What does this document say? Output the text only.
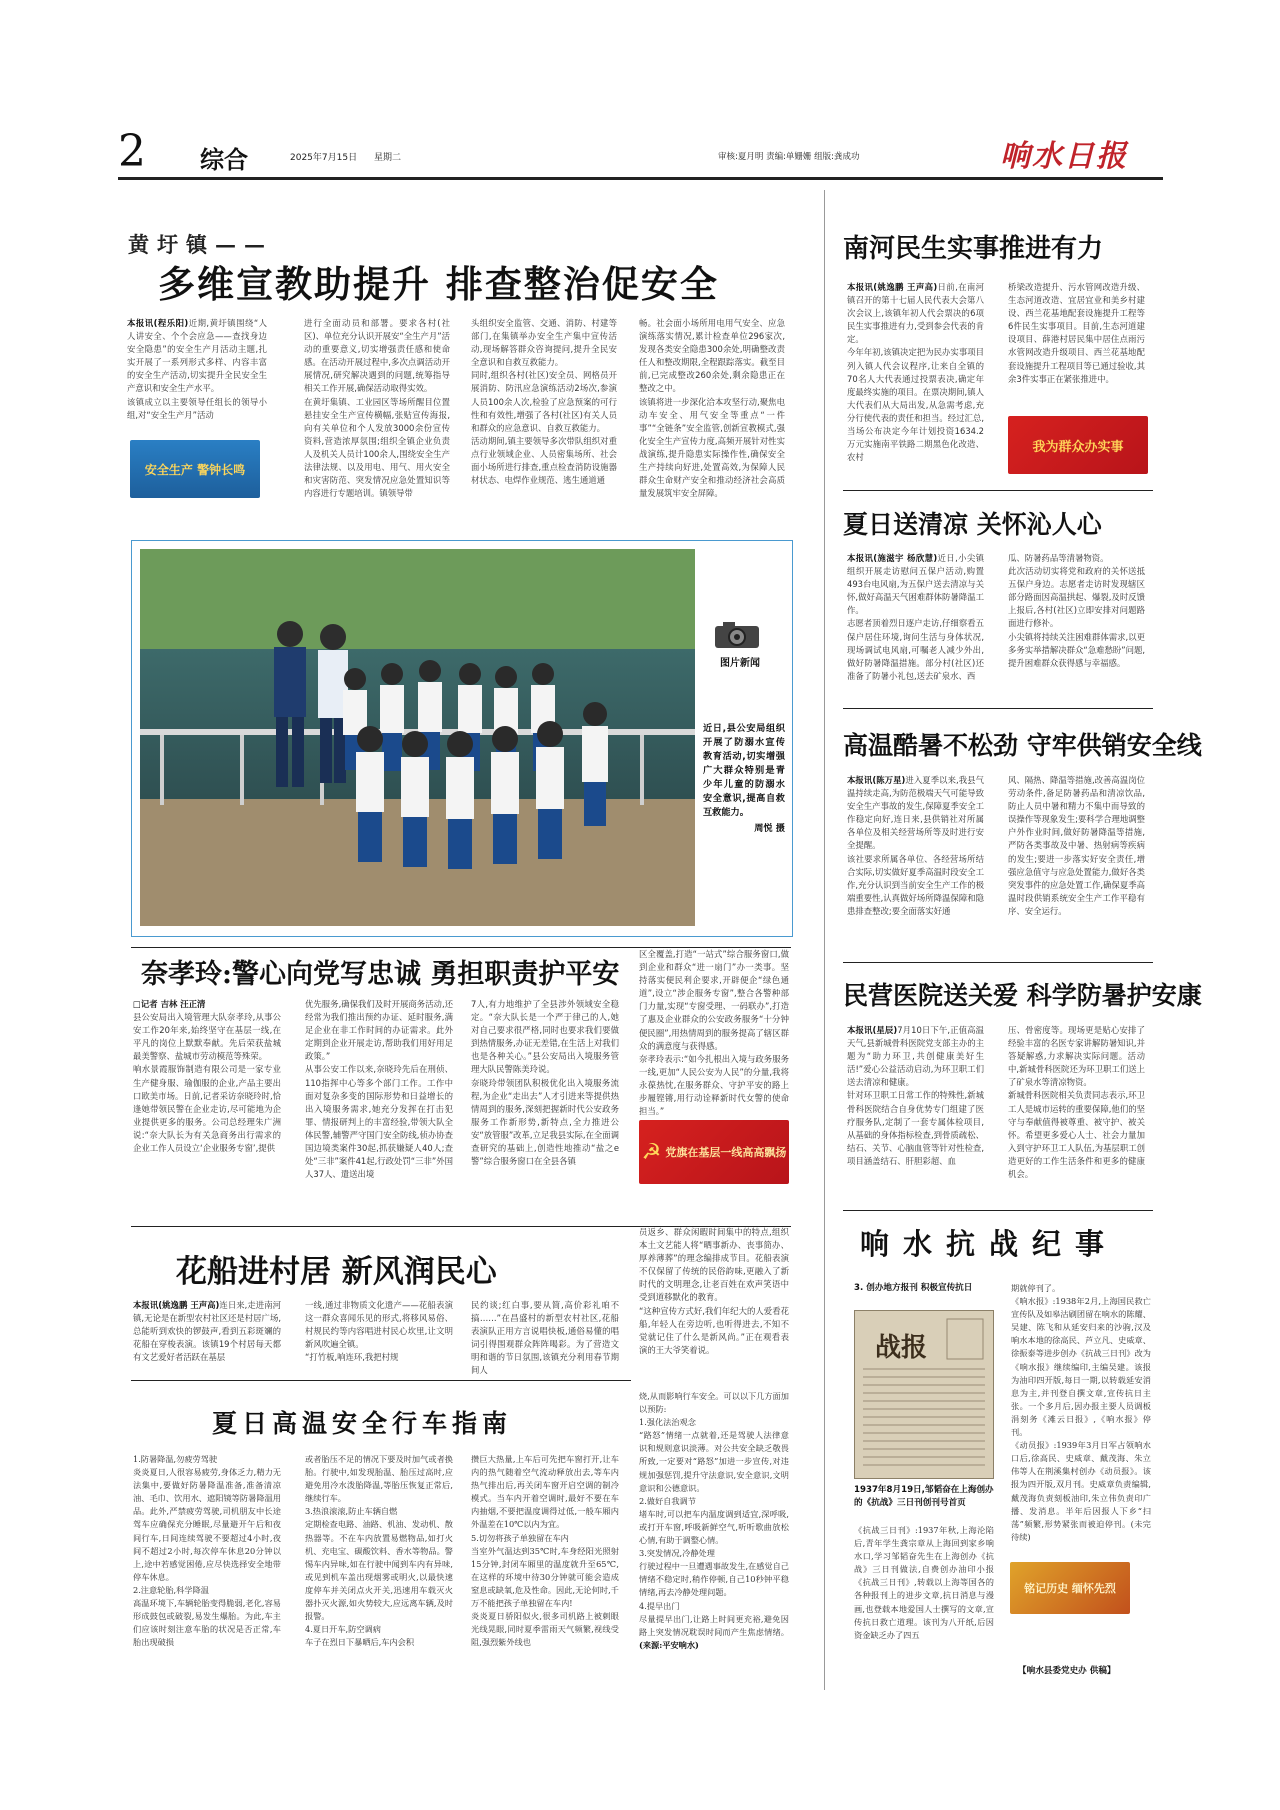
2 综合	2025年7月15日 星期二	审核:夏月明 责编:单姗姗 组版:龚成功	响水日报
黄圩镇——
多维宣教助提升 排查整治促安全
本报讯(程乐阳)近期,黄圩镇围绕“人人讲安全、个个会应急——查找身边安全隐患”的安全生产月活动主题,扎实开展了一系列形式多样、内容丰富的安全生产活动,切实提升全民安全生产意识和安全生产水平。
该镇成立以主要领导任组长的领导小组,对“安全生产月”活动
安全生产 警钟长鸣
进行全面动员和部署。要求各村(社区)、单位充分认识开展安“全生产月”活动的重要意义,切实增强责任感和使命感。在活动开展过程中,多次点调活动开展情况,研究解决遇到的问题,统筹指导相关工作开展,确保活动取得实效。
在黄圩集镇、工业园区等场所醒目位置悬挂安全生产宣传横幅,张贴宣传海报,向有关单位和个人发放3000余份宣传资料,营造浓厚氛围;组织全镇企业负责人及机关人员计100余人,围绕安全生产法律法规、以及用电、用气、用火安全和灾害防范、突发情况应急处置知识等内容进行专题培训。镇领导带
头组织安全监管、交通、消防、村建等部门,在集镇举办安全生产集中宣传活动,现场解答群众咨询提问,提升全民安全意识和自救互救能力。
同时,组织各村(社区)安全员、网格员开展消防、防汛应急演练活动2场次,参演人员100余人次,检验了应急预案的可行性和有效性,增强了各村(社区)有关人员和群众的应急意识、自救互救能力。
活动期间,镇主要领导多次带队组织对重点行业领域企业、人员密集场所、社会面小场所进行排查,重点检查消防设施器材状态、电焊作业规范、逃生通道通
畅。社会面小场所用电用气安全、应急演练落实情况,累计检查单位296家次,发现各类安全隐患300余处,明确整改责任人和整改期限,全程跟踪落实。截至目前,已完成整改260余处,剩余隐患正在整改之中。
该镇将进一步深化洽本攻坚行动,聚焦电动车安全、用气安全等重点“一件事”“全链条”安全监管,创新宣教模式,强化安全生产宣传力度,高频开展针对性实战演练,提升隐患实际操作性,确保安全生产持续向好进,处置高效,为保障人民群众生命财产安全和推动经济社会高质量发展筑牢安全屏障。
图片新闻
近日,县公安局组织开展了防溺水宣传教育活动,切实增强广大群众特别是青少年儿童的防溺水安全意识,提高自救互救能力。
周悦 摄
南河民生实事推进有力
本报讯(姚逸鹏 王声高)日前,在南河镇召开的第十七届人民代表大会第八次会议上,该镇年初人代会票决的6项民生实事推进有力,受到参会代表的肯定。
今年年初,该镇决定把为民办实事项目列入镇人代会议程序,让来自全镇的70名人大代表通过投票表决,确定年度最终实施的项目。在票决期间,镇人大代表们从大局出发,从急需考虑,充分行使代表的责任和担当。经过汇总,当场公布决定今年计划投资1634.2万元实施南平铁路二期黑色化改造、农村
桥梁改造提升、污水管网改造升级、生态河道改造、宜居宜业和美乡村建设、西兰花基地配套设施提升工程等6件民生实事项目。目前,生态河道建设项目、薛港村居民集中居住点雨污水管网改造升级项目、西兰花基地配套设施提升工程项目等已通过验收,其余3件实事正在紧张推进中。
我为群众办实事
夏日送清凉 关怀沁人心
本报讯(施滋宇 杨欣慧)近日,小尖镇组织开展走访慰问五保户活动,购置493台电风扇,为五保户送去清凉与关怀,做好高温天气困难群体防暑降温工作。
志愿者顶着烈日逐户走访,仔细察看五保户居住环境,询问生活与身体状况,现场调试电风扇,可嘱老人减少外出,做好防暑降温措施。部分村(社区)还准备了防暑小礼包,送去矿泉水、西
瓜、防暑药品等清暑物资。
此次活动切实将党和政府的关怀送抵五保户身边。志愿者走访时发现辖区部分路面因高温拱起、爆裂,及时反馈上报后,各村(社区)立即安排对问题路面进行修补。
小尖镇将持续关注困难群体需求,以更多务实举措解决群众“急难愁盼”问题,提升困难群众获得感与幸福感。
高温酷暑不松劲 守牢供销安全线
本报讯(陈万星)进入夏季以来,我县气温持续走高,为防范极端天气可能导致安全生产事故的发生,保障夏季安全工作稳定向好,连日来,县供销社对所属各单位及相关经营场所等及时进行安全提醒。
该社要求所属各单位、各经营场所结合实际,切实做好夏季高温时段安全工作,充分认识到当前安全生产工作的极端重要性,认真做好场所降温保障和隐患排查整改;要全面落实好通
风、隔热、降温等措施,改善高温岗位劳动条件,备足防暑药品和清凉饮品,防止人员中暑和精力不集中而导致的误操作等现象发生;要科学合理地调整户外作业时间,做好防暑降温等措施,严防各类事故及中暑、热射病等疾病的发生;要进一步落实好安全责任,增强应急值守与应急处置能力,做好各类突发事件的应急处置工作,确保夏季高温时段供销系统安全生产工作平稳有序、安全运行。
民营医院送关爱 科学防暑护安康
本报讯(星辰)7月10日下午,正值高温天气,县新城骨科医院党支部主办的主题为“助力环卫,共创健康美好生活!”爱心公益活动启动,为环卫职工们送去清凉和健康。
针对环卫职工日常工作的特殊性,新城骨科医院结合自身优势专门组建了医疗服务队,定制了一套专属体检项目,从基础的身体指标检查,到骨质疏松、结石、关节、心脑血管等针对性检查,项目涵盖结石、肝胆彩超、血
压、骨密度等。现场更是贴心安排了经验丰富的名医专家讲解防暑知识,并答疑解惑,力求解决实际问题。活动中,新城骨科医院还为环卫职工们送上了矿泉水等清凉物资。
新城骨科医院相关负责同志表示,环卫工人是城市运转的重要保障,他们的坚守与奉献值得被尊重、被守护、被关怀。希望更多爱心人士、社会力量加入到守护环卫工人队伍,为基层职工创造更好的工作生活条件和更多的健康机会。
奈孝玲:警心向党写忠诚 勇担职责护平安
□记者 吉林 汪正清
县公安局出入境管理大队奈孝玲,从事公安工作20年来,始终坚守在基层一线,在平凡的岗位上默默奉献。先后荣获盐城最美警察、盐城市劳动模范等殊荣。
响水景霞服饰制造有限公司是一家专业生产健身服、瑜伽服的企业,产品主要出口欧美市场。日前,记者采访奈晓玲时,恰逢她带领民警在企业走访,尽可能地为企业提供更多的服务。公司总经理朱广洲说:“奈大队长为有关急商务出行需求的企业工作人员设立‘企业服务专窗’,提供
优先服务,确保我们及时开展商务活动,还经常为我们推出预约办证、延时服务,满足企业在非工作时间的办证需求。此外定期到企业开展走访,帮助我们用好用足政策。”
从事公安工作以来,奈晓玲先后在刑侦、110指挥中心等多个部门工作。工作中面对复杂多变的国际形势和日益增长的出入境服务需求,她充分发挥在打击犯罪、情报研判上的丰富经验,带领大队全体民警,辅警严守国门安全防线,侦办协查国边境类案件30起,抓获嫌疑人40人;查处“三非”案件41起,行政处罚“三非”外国人37人、遣送出境
7人,有力地维护了全县涉外领域安全稳定。“奈大队长是一个严于律己的人,她对自己要求很严格,同时也要求我们要做到热情服务,办证无差错,在生活上对我们也是各种关心。”县公安局出入境服务管理大队民警陈美玲说。
奈晓玲带领团队积极优化出入境服务流程,为企业“走出去”人才引进来等提供热情周到的服务,深刻把握新时代公安政务服务工作新形势,新特点,全力推进公安“放管服”改革,立足我县实际,在全面调查研究的基础上,创造性地推动“盐之e警”综合服务窗口在全县各镇
区全覆盖,打造“一站式”综合服务窗口,做到企业和群众“进一扇门”办一类事。坚持落实便民利企要求,开辟便企“绿色通道”,设立“涉企服务专窗”,整合各警种部门力量,实现“专窗受理、一码联办”,打造了惠及企业群众的公安政务服务“十分钟便民圈”,用热情周到的服务提高了辖区群众的满意度与获得感。
奈孝玲表示:“如今扎根出入境与政务服务一线,更加“人民公安为人民”的分量,我将永葆热忱,在服务群众、守护平安的路上步履铿锵,用行动诠释新时代女警的使命担当。”
☭ 党旗在基层一线高高飘扬
花船进村居 新风润民心
本报讯(姚逸鹏 王声高)连日来,走进南河镇,无论是在新型农村社区还是村居广场,总能听到欢快的锣鼓声,看到五彩斑斓的花船在穿梭表演。该镇19个村居每天都有文艺爱好者活跃在基层
一线,通过非物质文化遗产——花船表演这一群众喜闻乐见的形式,将移风易俗、村规民约等内容唱进村民心坎里,让文明新风吹遍全镇。
“打竹板,响连环,我把村规
民约谈;红白事,要从简,高价彩礼咱不搞……”在昌盛村的新型农村社区,花船表演队正用方言说唱快板,通俗易懂的唱词引得围观群众阵阵喝彩。为了营造文明和谐的节日氛围,该镇充分利用春节期间人
员返乡、群众闲暇时间集中的特点,组织本土文艺能人将“晒事新办、丧事简办、厚养薄葬”的理念编排成节目。花船表演不仅保留了传统的民俗韵味,更融入了新时代的文明理念,让老百姓在欢声笑语中受到道移默化的教育。
“这种宣传方式好,我们年纪大的人爱看花船,年轻人在旁边听,也听得进去,不知不觉就记住了什么是新风尚。”正在观看表演的王大爷笑着说。
夏日高温安全行车指南
1.防暑降温,勿疲劳驾驶
炎炎夏日,人很容易疲劳,身体乏力,精力无法集中,要做好防暑降温准备,准备清凉油、毛巾、饮用水、遮阳镜等防暑降温用品。此外,严禁疲劳驾驶,司机朋友中长途驾车应确保充分睡眠,尽量避开午后和夜间行车,日间连续驾驶不要超过4小时,夜间不超过2小时,每次停车休息20分钟以上,途中若感觉困倦,应尽快选择安全地带停车休息。
2.注意轮胎,科学降温
高温环境下,车辆轮胎变得脆弱,老化,容易形成鼓包或破裂,易发生爆胎。为此,车主们应该时刻注意车胎的状况是否正常,车胎出现破损
或者胎压不足的情况下要及时加气或者换胎。行驶中,如发现胎温、胎压过高时,应避免用冷水泼胎降温,等胎压恢复正常后,继续行车。
3.热浪滚滚,防止车辆自燃
定期检查电路、油路、机油、发动机、散热器等。不在车内放置易燃物品,如打火机、充电宝、碳酸饮料、香水等物品。警惕车内异味,如在行驶中闻到车内有异味,或见到机车盖出现烟雾或明火,以最快速度停车并关闭点火开关,迅速用车载灭火器扑灭火源,如火势较大,应远离车辆,及时报警。
4.夏日开车,防空调病
车子在烈日下暴晒后,车内会积
攒巨大热量,上车后可先把车窗打开,让车内的热气随着空气流动释放出去,等车内热气排出后,再关闭车窗开启空调的制冷模式。当车内开着空调时,最好不要在车内抽烟,不要把温度调得过低,一般车厢内外温差在10℃以内为宜。
5.切勿将孩子单独留在车内
当室外气温达到35℃时,车身经阳光照射15分钟,封闭车厢里的温度就升至65℃,在这样的环境中待30分钟就可能会造成窒息或缺氧,危及性命。因此,无论何时,千万不能把孩子单独留在车内!
炎炎夏日骄阳似火,很多司机路上被刺眼光线晃眼,同时夏季雷雨天气频繁,视线受阻,强烈紫外线也
烧,从而影响行车安全。可以以下几方面加以预防:
1.强化法治观念
“路怒”情绪一点就着,还是驾驶人法律意识和规则意识淡薄。对公共安全缺乏敬畏所致,一定要对“路怒”加进一步宣传,对违规加强惩罚,提升守法意识,安全意识,文明意识和公德意识。
2.做好自我调节
堵车时,可以把车内温度调到适宜,深呼吸,或打开车窗,呼吸新鲜空气,听听歌曲放松心情,有助于调整心情。
3.突发情况,冷静处理
行驶过程中一旦遭遇事故发生,在感觉自己情绪不稳定时,稍作停顿,自己10秒钟平稳情绪,再去冷静处理问题。
4.提早出门
尽量提早出门,让路上时间更充裕,避免因路上突发情况耽误时间而产生焦虑情绪。 (来源:平安响水)
响水抗战纪事
3. 创办地方报刊 积极宣传抗日
战报
1937年8月19日,邹韬奋在上海创办的《抗战》三日刊创刊号首页
《抗战三日刊》:1937年秋,上海沦陷后,青年学生龚宗章从上海回到家乡响水口,学习邹韬奋先生在上海创办《抗战》三日刊做法,自费创办油印小报《抗战三日刊》,转载以上海等国各的各种报刊上的进步文章,抗日消息与漫画,也登载本地爱国人士撰写的文章,宣传抗日救亡道理。该刊为八开纸,后因资金缺乏办了四五
期就停刊了。
《响水报》:1938年2月,上海国民救亡宣传队及如皋沽刷团留在响水的陈耀、吴建、陈飞和从延安归来的沙驹,汉及响水本地的徐高民、芦立凡、史威章、徐振泰等进步创办《抗战三日刊》改为《响水报》继续编印,主编吴建。该报为油印四开版,每日一期,以转载延安消息为主,并刊登自撰文章,宣传抗日主张。一个多月后,因办报主要人员调板涓刻务《滩云日报》,《响水报》停刊。
《动员报》:1939年3月日军占领响水口后,徐高民、史威章、戴茂海、朱立伟等人在荆溪集村创办《动员报》。该报为四开版,双月刊。史威章负责编辑,戴茂海负责刻板油印,朱立伟负责印广播、发消息。半年后因报人下乡“扫荡”频繁,形势紧张而被迫停刊。(未完待续)
铭记历史 缅怀先烈
【响水县委党史办 供稿】
